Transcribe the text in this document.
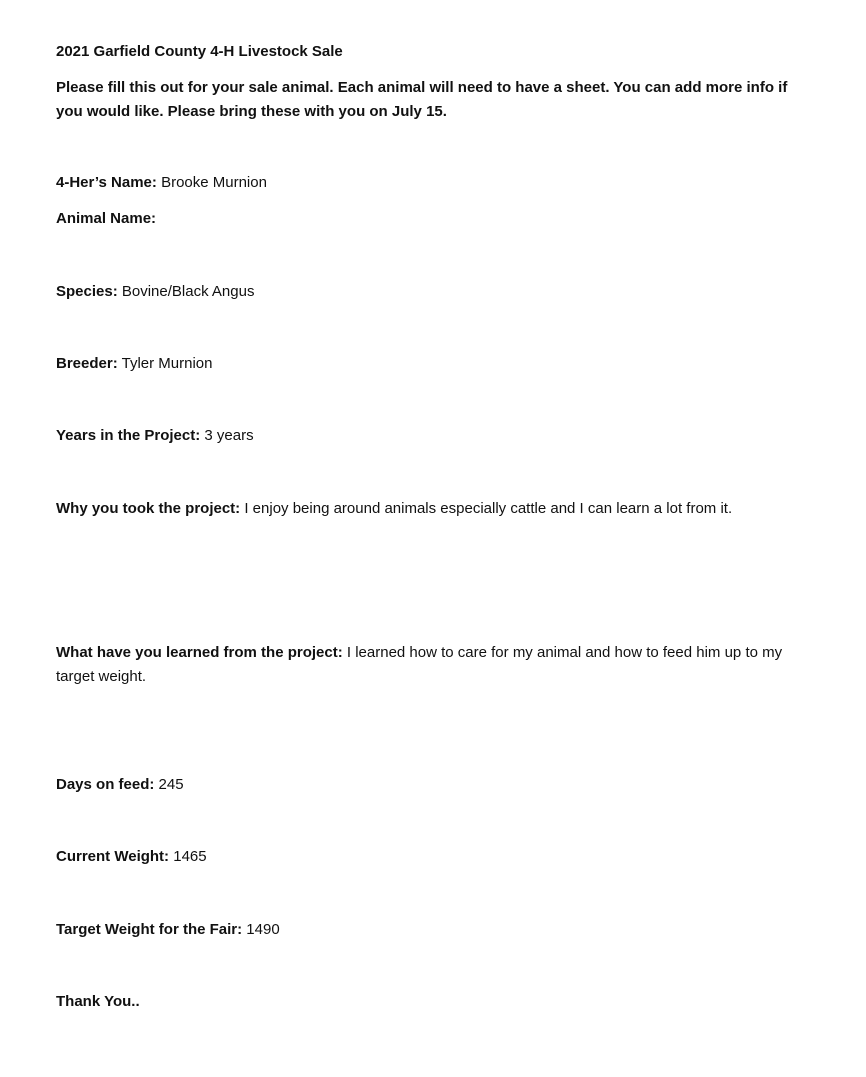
2021 Garfield County 4-H Livestock Sale
Please fill this out for your sale animal. Each animal will need to have a sheet. You can add more info if you would like. Please bring these with you on July 15.
4-Her’s Name: Brooke Murnion
Animal Name:
Species: Bovine/Black Angus
Breeder: Tyler Murnion
Years in the Project: 3 years
Why you took the project: I enjoy being around animals especially cattle and I can learn a lot from it.
What have you learned from the project: I learned how to care for my animal and how to feed him up to my target weight.
Days on feed: 245
Current Weight: 1465
Target Weight for the Fair: 1490
Thank You..
